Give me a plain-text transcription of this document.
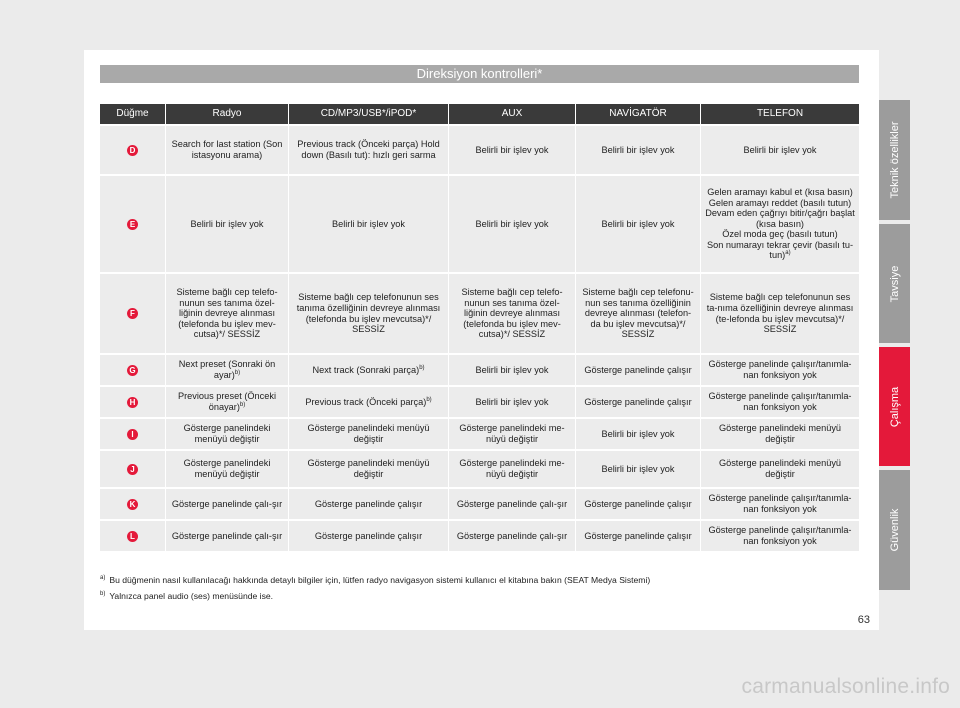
Direksiyon kontrolleri*
Düğme	Radyo	CD/MP3/USB*/iPOD*	AUX	NAVİGATÖR	TELEFON
D	Search for last station (Son istasyonu arama)	Previous track (Önceki parça) Hold down (Basılı tut): hızlı geri sarma	Belirli bir işlev yok	Belirli bir işlev yok	Belirli bir işlev yok
E	Belirli bir işlev yok	Belirli bir işlev yok	Belirli bir işlev yok	Belirli bir işlev yok	Gelen aramayı kabul et (kısa basın)
Gelen aramayı reddet (basılı tutun)
Devam eden çağrıyı bitir/çağrı başlat (kısa basın)
Özel moda geç (basılı tutun)
Son numarayı tekrar çevir (basılı tu-tun)$^{a)}$

F	Sisteme bağlı cep telefo-nunun ses tanıma özel-liğinin devreye alınması (telefonda bu işlev mev-cutsa)*/ SESSİZ	Sisteme bağlı cep telefonunun ses tanıma özelliğinin devreye alınması (telefonda bu işlev mevcutsa)*/ SESSİZ	Sisteme bağlı cep telefo-nunun ses tanıma özel-liğinin devreye alınması (telefonda bu işlev mev-cutsa)*/ SESSİZ	Sisteme bağlı cep telefonu-nun ses tanıma özelliğinin devreye alınması (telefon-da bu işlev mevcutsa)*/ SESSİZ	Sisteme bağlı cep telefonunun ses ta-nıma özelliğinin devreye alınması (te-lefonda bu işlev mevcutsa)*/ SESSİZ
G	Next preset (Sonraki ön ayar)$^{b)}$	Next track (Sonraki parça)$^{b)}$	Belirli bir işlev yok	Gösterge panelinde çalışır	Gösterge panelinde çalışır/tanımla-nan fonksiyon yok
H	Previous preset (Önceki önayar)$^{b)}$	Previous track (Önceki parça)$^{b)}$	Belirli bir işlev yok	Gösterge panelinde çalışır	Gösterge panelinde çalışır/tanımla-nan fonksiyon yok
I	Gösterge panelindeki menüyü değiştir	Gösterge panelindeki menüyü değiştir	Gösterge panelindeki me-nüyü değiştir	Belirli bir işlev yok	Gösterge panelindeki menüyü değiştir
J	Gösterge panelindeki menüyü değiştir	Gösterge panelindeki menüyü değiştir	Gösterge panelindeki me-nüyü değiştir	Belirli bir işlev yok	Gösterge panelindeki menüyü değiştir
K	Gösterge panelinde çalı-şır	Gösterge panelinde çalışır	Gösterge panelinde çalı-şır	Gösterge panelinde çalışır	Gösterge panelinde çalışır/tanımla-nan fonksiyon yok
L	Gösterge panelinde çalı-şır	Gösterge panelinde çalışır	Gösterge panelinde çalı-şır	Gösterge panelinde çalışır	Gösterge panelinde çalışır/tanımla-nan fonksiyon yok
$^{a)}$ Bu düğmenin nasıl kullanılacağı hakkında detaylı bilgiler için, lütfen radyo navigasyon sistemi kullanıcı el kitabına bakın (SEAT Medya Sistemi)
$^{b)}$ Yalnızca panel audio (ses) menüsünde ise.
Teknik özellikler
Tavsiye
Çalışma
Güvenlik
63
carmanualsonline.info
